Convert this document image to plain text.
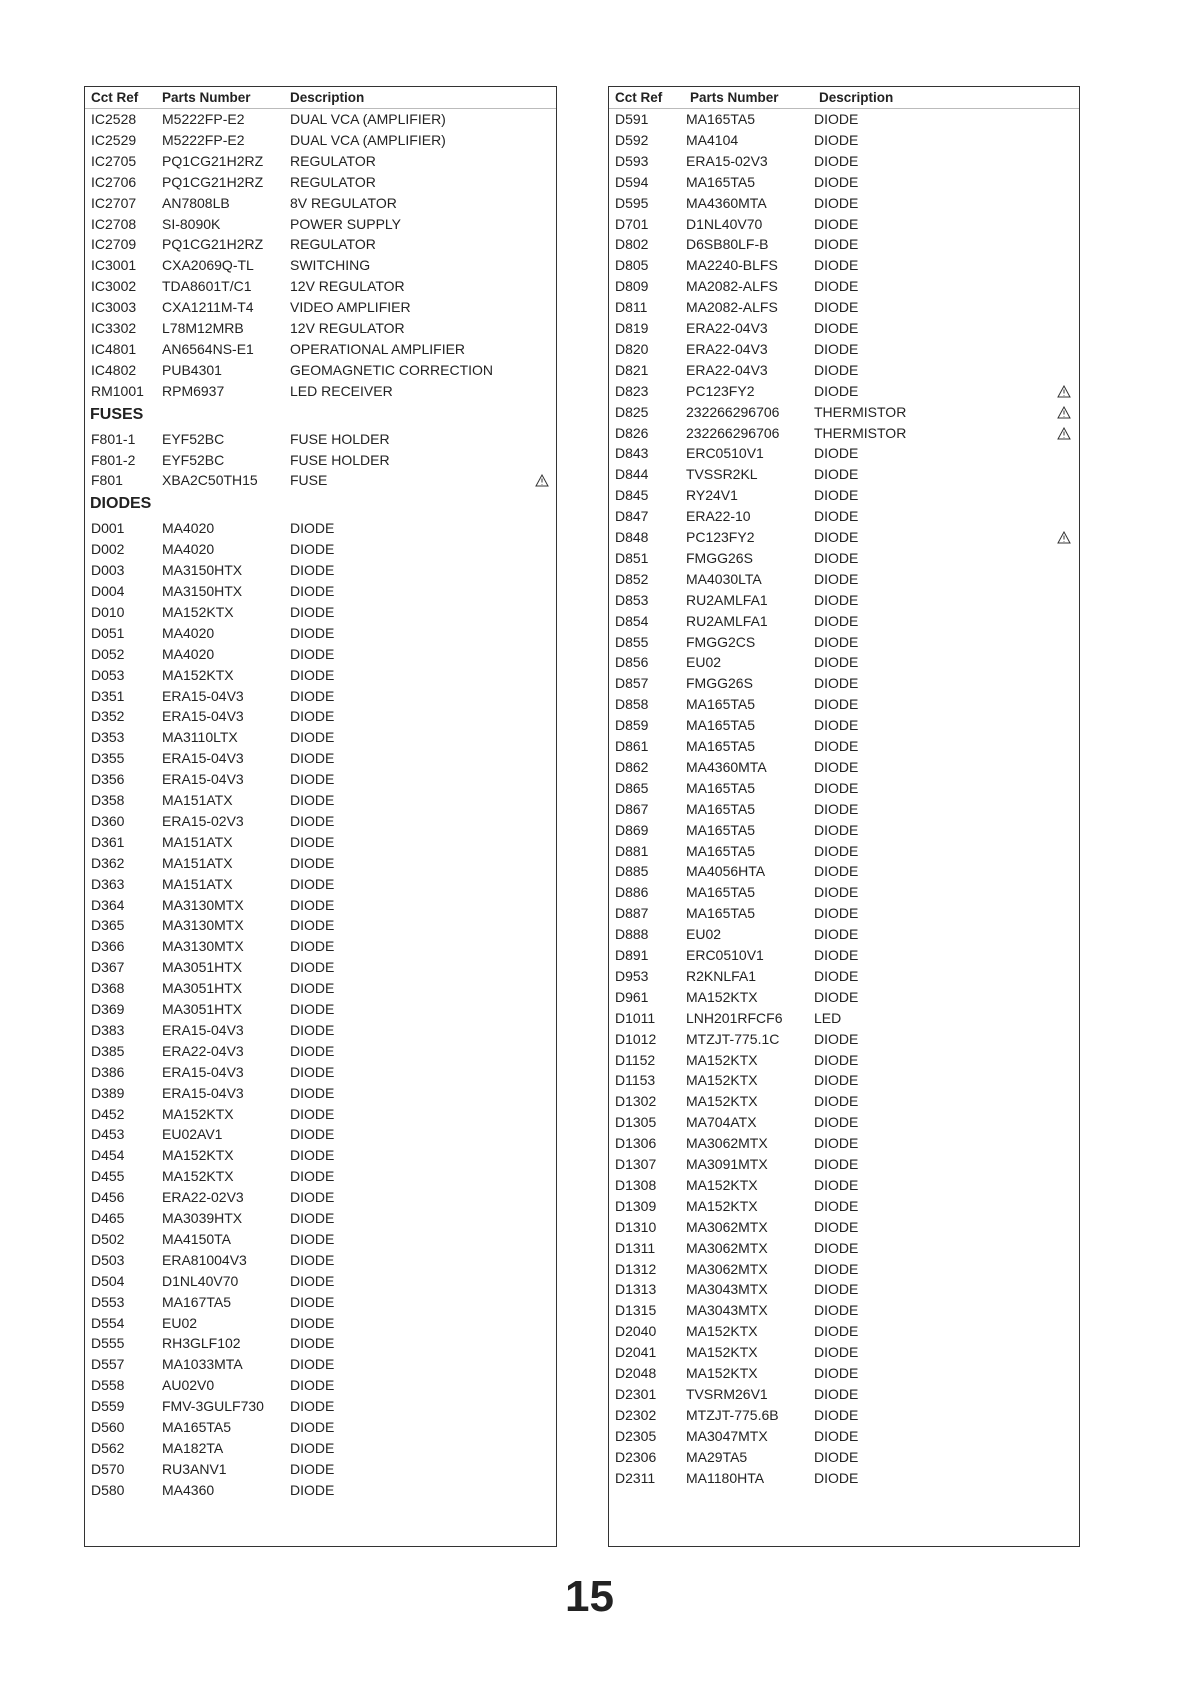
Cct Ref Parts Number	Description
IC2528 M5222FP-E2	DUAL VCA (AMPLIFIER)
IC2529 M5222FP-E2	DUAL VCA (AMPLIFIER)
IC2705 PQ1CG21H2RZ REGULATOR
IC2706 PQ1CG21H2RZ REGULATOR
IC2707 AN7808LB	8V REGULATOR
IC2708 SI-8090K	POWER SUPPLY
IC2709 PQ1CG21H2RZ REGULATOR
IC3001 CXA2069Q-TL	SWITCHING
IC3002 TDA8601T/C1	12V REGULATOR
IC3003 CXA1211M-T4	VIDEO AMPLIFIER
IC3302 L78M12MRB	12V REGULATOR
IC4801 AN6564NS-E1	OPERATIONAL AMPLIFIER
IC4802 PUB4301	GEOMAGNETIC CORRECTION
RM1001 RPM6937	LED RECEIVER
FUSES
F801-1 EYF52BC	FUSE HOLDER
F801-2 EYF52BC	FUSE HOLDER
F801	XBA2C50TH15 FUSE
DIODES
D001	MA4020	DIODE
D002	MA4020	DIODE
D003	MA3150HTX	DIODE
D004	MA3150HTX	DIODE
D010	MA152KTX	DIODE
D051	MA4020	DIODE
D052	MA4020	DIODE
D053	MA152KTX	DIODE
D351	ERA15-04V3	DIODE
D352	ERA15-04V3	DIODE
D353	MA3110LTX	DIODE
D355	ERA15-04V3	DIODE
D356	ERA15-04V3	DIODE
D358	MA151ATX	DIODE
D360	ERA15-02V3	DIODE
D361	MA151ATX	DIODE
D362	MA151ATX	DIODE
D363	MA151ATX	DIODE
D364	MA3130MTX	DIODE
D365	MA3130MTX	DIODE
D366	MA3130MTX	DIODE
D367	MA3051HTX	DIODE
D368	MA3051HTX	DIODE
D369	MA3051HTX	DIODE
D383	ERA15-04V3	DIODE
D385	ERA22-04V3	DIODE
D386	ERA15-04V3	DIODE
D389	ERA15-04V3	DIODE
D452	MA152KTX	DIODE
D453	EU02AV1	DIODE
D454	MA152KTX	DIODE
D455	MA152KTX	DIODE
D456	ERA22-02V3	DIODE
D465	MA3039HTX	DIODE
D502	MA4150TA	DIODE
D503	ERA81004V3	DIODE
D504	D1NL40V70	DIODE
D553	MA167TA5	DIODE
D554	EU02	DIODE
D555	RH3GLF102	DIODE
D557	MA1033MTA	DIODE
D558	AU02V0	DIODE
D559	FMV-3GULF730 DIODE
D560	MA165TA5	DIODE
D562	MA182TA	DIODE
D570	RU3ANV1	DIODE
D580	MA4360	DIODE
Cct Ref Parts Number	Description
D591	MA165TA5	DIODE
D592	MA4104	DIODE
D593	ERA15-02V3	DIODE
D594	MA165TA5	DIODE
D595	MA4360MTA	DIODE
D701	D1NL40V70	DIODE
D802	D6SB80LF-B	DIODE
D805	MA2240-BLFS	DIODE
D809	MA2082-ALFS	DIODE
D811	MA2082-ALFS	DIODE
D819	ERA22-04V3	DIODE
D820	ERA22-04V3	DIODE
D821	ERA22-04V3	DIODE
D823	PC123FY2	DIODE
D825	232266296706 THERMISTOR
D826	232266296706 THERMISTOR
D843	ERC0510V1	DIODE
D844	TVSSR2KL	DIODE
D845	RY24V1	DIODE
D847	ERA22-10	DIODE
D848	PC123FY2	DIODE
D851	FMGG26S	DIODE
D852	MA4030LTA	DIODE
D853	RU2AMLFA1	DIODE
D854	RU2AMLFA1	DIODE
D855	FMGG2CS	DIODE
D856	EU02	DIODE
D857	FMGG26S	DIODE
D858	MA165TA5	DIODE
D859	MA165TA5	DIODE
D861	MA165TA5	DIODE
D862	MA4360MTA	DIODE
D865	MA165TA5	DIODE
D867	MA165TA5	DIODE
D869	MA165TA5	DIODE
D881	MA165TA5	DIODE
D885	MA4056HTA	DIODE
D886	MA165TA5	DIODE
D887	MA165TA5	DIODE
D888	EU02	DIODE
D891	ERC0510V1	DIODE
D953	R2KNLFA1	DIODE
D961	MA152KTX	DIODE
D1011 LNH201RFCF6 LED
D1012 MTZJT-775.1C DIODE
D1152 MA152KTX	DIODE
D1153 MA152KTX	DIODE
D1302 MA152KTX	DIODE
D1305 MA704ATX	DIODE
D1306 MA3062MTX	DIODE
D1307 MA3091MTX	DIODE
D1308 MA152KTX	DIODE
D1309 MA152KTX	DIODE
D1310 MA3062MTX	DIODE
D1311 MA3062MTX	DIODE
D1312 MA3062MTX	DIODE
D1313 MA3043MTX	DIODE
D1315 MA3043MTX	DIODE
D2040 MA152KTX	DIODE
D2041 MA152KTX	DIODE
D2048 MA152KTX	DIODE
D2301 TVSRM26V1	DIODE
D2302 MTZJT-775.6B	DIODE
D2305 MA3047MTX	DIODE
D2306 MA29TA5	DIODE
D2311 MA1180HTA	DIODE
15
